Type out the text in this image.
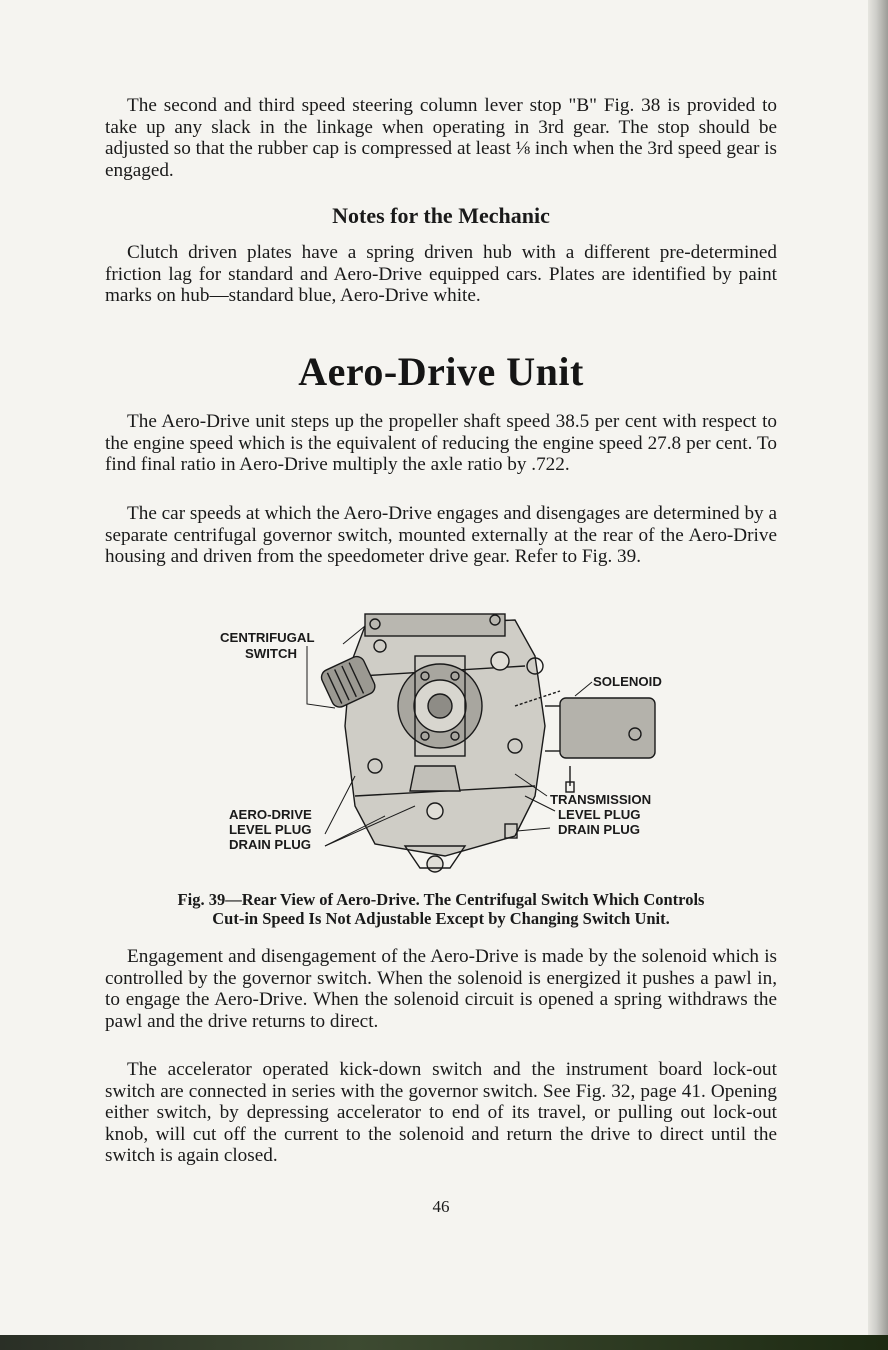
The second and third speed steering column lever stop "B" Fig. 38 is provided to take up any slack in the linkage when operating in 3rd gear. The stop should be adjusted so that the rubber cap is compressed at least ⅛ inch when the 3rd speed gear is engaged.
Notes for the Mechanic
Clutch driven plates have a spring driven hub with a different pre-determined friction lag for standard and Aero-Drive equipped cars. Plates are identified by paint marks on hub—standard blue, Aero-Drive white.
Aero-Drive Unit
The Aero-Drive unit steps up the propeller shaft speed 38.5 per cent with respect to the engine speed which is the equivalent of reducing the engine speed 27.8 per cent. To find final ratio in Aero-Drive multiply the axle ratio by .722.
The car speeds at which the Aero-Drive engages and disengages are determined by a separate centrifugal governor switch, mounted externally at the rear of the Aero-Drive housing and driven from the speedometer drive gear. Refer to Fig. 39.
CENTRIFUGAL
SWITCH
SOLENOID
AERO-DRIVE
LEVEL PLUG
DRAIN PLUG
TRANSMISSION
LEVEL PLUG
DRAIN PLUG
Fig. 39—Rear View of Aero-Drive. The Centrifugal Switch Which Controls
Cut-in Speed Is Not Adjustable Except by Changing Switch Unit.
Engagement and disengagement of the Aero-Drive is made by the solenoid which is controlled by the governor switch. When the solenoid is energized it pushes a pawl in, to engage the Aero-Drive. When the solenoid circuit is opened a spring withdraws the pawl and the drive returns to direct.
The accelerator operated kick-down switch and the instrument board lock-out switch are connected in series with the governor switch. See Fig. 32, page 41. Opening either switch, by depressing accelerator to end of its travel, or pulling out lock-out knob, will cut off the current to the solenoid and return the drive to direct until the switch is again closed.
46
